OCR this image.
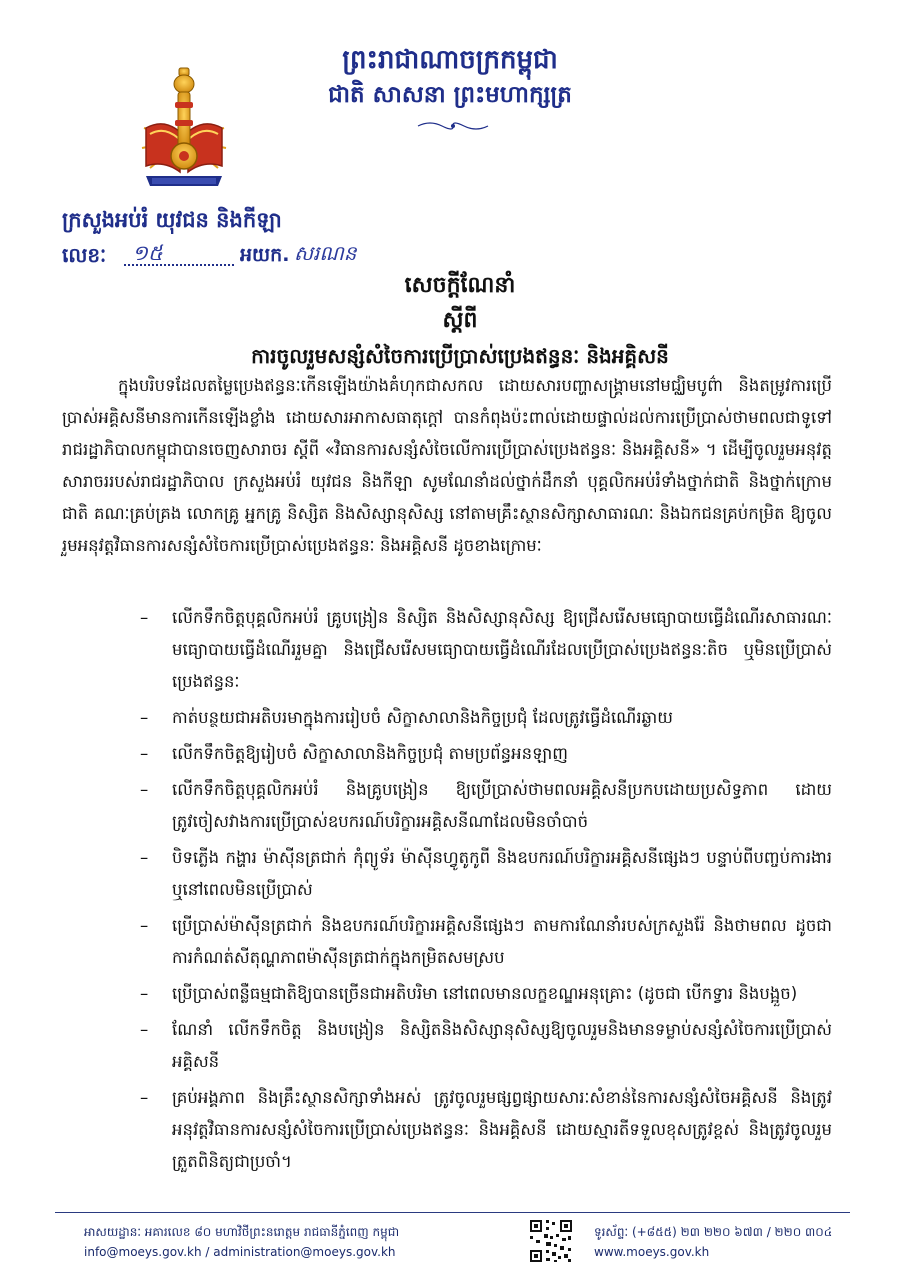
ព្រះរាជាណាចក្រកម្ពុជា
ជាតិ សាសនា ព្រះមហាក្សត្រ
ក្រសួងអប់រំ យុវជន និងកីឡា
លេខៈ ១៥	អយក. សរណន
សេចក្តីណែនាំ
ស្តីពី
ការចូលរួមសន្សំសំចៃការប្រើប្រាស់ប្រេងឥន្ធនៈ និងអគ្គិសនី
ក្នុងបរិបទដែលតម្លៃប្រេងឥន្ធនៈកើនឡើងយ៉ាងគំហុកជាសកល ដោយសារបញ្ហាសង្គ្រាមនៅមជ្ឈិមបូព៌ា និងតម្រូវការប្រើប្រាស់អគ្គិសនីមានការកើនឡើងខ្លាំង ដោយសារអាកាសធាតុក្តៅ បានកំពុងប៉ះពាល់ដោយផ្ទាល់ដល់ការប្រើប្រាស់ថាមពលជាទូទៅ រាជរដ្ឋាភិបាលកម្ពុជាបានចេញសារាចរ ស្តីពី «វិធានការសន្សំសំចៃលើការប្រើប្រាស់ប្រេងឥន្ធនៈ និងអគ្គិសនី» ។ ដើម្បីចូលរួមអនុវត្តសារាចររបស់រាជរដ្ឋាភិបាល ក្រសួងអប់រំ យុវជន និងកីឡា សូមណែនាំដល់ថ្នាក់ដឹកនាំ បុគ្គលិកអប់រំទាំងថ្នាក់ជាតិ និងថ្នាក់ក្រោមជាតិ គណៈគ្រប់គ្រង លោកគ្រូ អ្នកគ្រូ និស្សិត និងសិស្សានុសិស្ស នៅតាមគ្រឹះស្ថានសិក្សាសាធារណៈ និងឯកជនគ្រប់កម្រិត ឱ្យចូលរួមអនុវត្តវិធានការសន្សំសំចៃការប្រើប្រាស់ប្រេងឥន្ធនៈ និងអគ្គិសនី ដូចខាងក្រោមៈ
– លើកទឹកចិត្តបុគ្គលិកអប់រំ គ្រូបង្រៀន និស្សិត និងសិស្សានុសិស្ស ឱ្យជ្រើសរើសមធ្យោបាយធ្វើដំណើរសាធារណៈ មធ្យោបាយធ្វើដំណើររួមគ្នា និងជ្រើសរើសមធ្យោបាយធ្វើដំណើរដែលប្រើប្រាស់ប្រេងឥន្ធនៈតិច ឬមិនប្រើប្រាស់ប្រេងឥន្ធនៈ
– កាត់បន្ថយជាអតិបរមាក្នុងការរៀបចំ សិក្ខាសាលានិងកិច្ចប្រជុំ ដែលត្រូវធ្វើដំណើរឆ្ងាយ
– លើកទឹកចិត្តឱ្យរៀបចំ សិក្ខាសាលានិងកិច្ចប្រជុំ តាមប្រព័ន្ធអនឡាញ
– លើកទឹកចិត្តបុគ្គលិកអប់រំ និងគ្រូបង្រៀន ឱ្យប្រើប្រាស់ថាមពលអគ្គិសនីប្រកបដោយប្រសិទ្ធភាព ដោយត្រូវចៀសវាងការប្រើប្រាស់ឧបករណ៍បរិក្ខារអគ្គិសនីណាដែលមិនចាំបាច់
– បិទភ្លើង កង្ហារ ម៉ាស៊ីនត្រជាក់ កុំព្យូទ័រ ម៉ាស៊ីនហ្វូតូកូពី និងឧបករណ៍បរិក្ខារអគ្គិសនីផ្សេងៗ បន្ទាប់ពីបញ្ចប់ការងារ ឬនៅពេលមិនប្រើប្រាស់
– ប្រើប្រាស់ម៉ាស៊ីនត្រជាក់ និងឧបករណ៍បរិក្ខារអគ្គិសនីផ្សេងៗ តាមការណែនាំរបស់ក្រសួងរ៉ែ និងថាមពល ដូចជាការកំណត់សីតុណ្ហភាពម៉ាស៊ីនត្រជាក់ក្នុងកម្រិតសមស្រប
– ប្រើប្រាស់ពន្លឺធម្មជាតិឱ្យបានច្រើនជាអតិបរិមា នៅពេលមានលក្ខខណ្ឌអនុគ្រោះ (ដូចជា បើកទ្វារ និងបង្អួច)
– ណែនាំ លើកទឹកចិត្ត និងបង្រៀន និស្សិតនិងសិស្សានុសិស្សឱ្យចូលរួមនិងមានទម្លាប់សន្សំសំចៃការប្រើប្រាស់អគ្គិសនី
– គ្រប់អង្គភាព និងគ្រឹះស្ថានសិក្សាទាំងអស់ ត្រូវចូលរួមផ្សព្វផ្សាយសារៈសំខាន់នៃការសន្សំសំចៃអគ្គិសនី និងត្រូវអនុវត្តវិធានការសន្សំសំចៃការប្រើប្រាស់ប្រេងឥន្ធនៈ និងអគ្គិសនី ដោយស្មារតីទទួលខុសត្រូវខ្ពស់ និងត្រូវចូលរួមត្រួតពិនិត្យជាប្រចាំ។
អាសយដ្ឋានៈ អគារលេខ ៨០ មហាវិថីព្រះនរោត្តម រាជធានីភ្នំពេញ កម្ពុជា
info@moeys.gov.kh / administration@moeys.gov.kh
ទូរស័ព្ទៈ (+៨៥៥) ២៣ ២២០ ៦៧៣ / ២២០ ៣០៤
www.moeys.gov.kh
